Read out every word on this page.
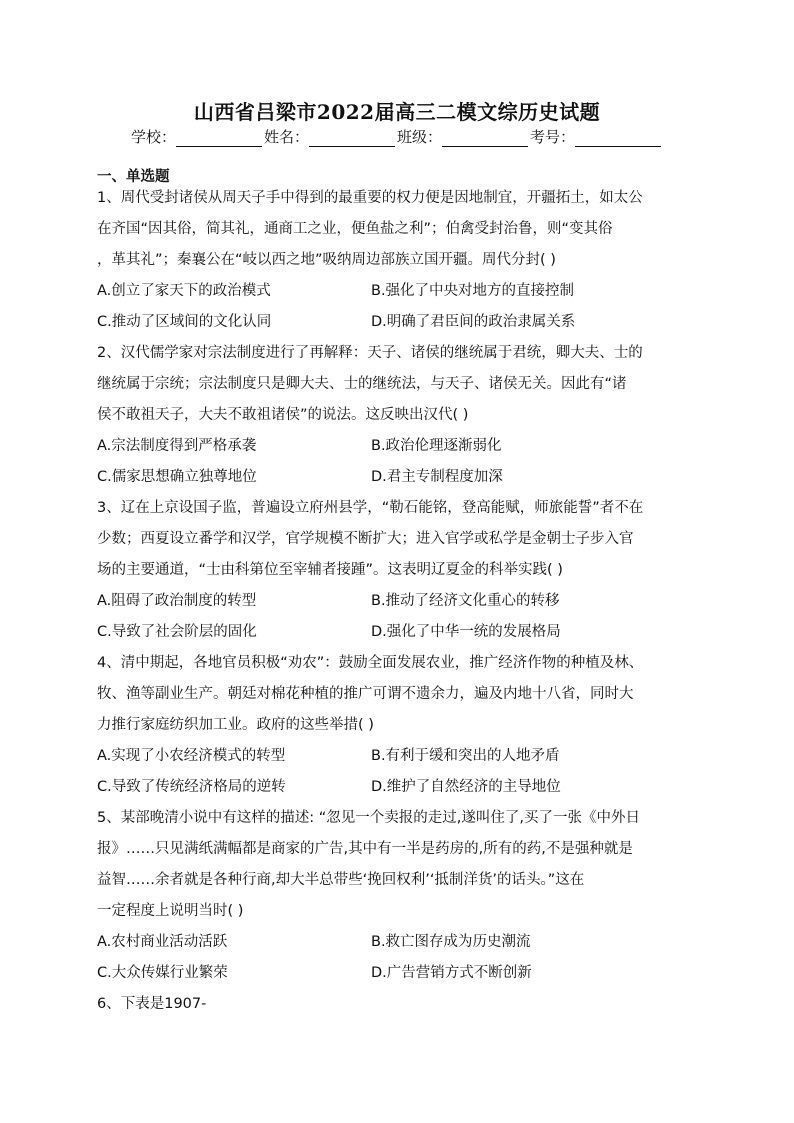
山西省吕梁市2022届高三二模文综历史试题
学校：	姓名：	班级：	考号：
一、单选题
1、周代受封诸侯从周天子手中得到的最重要的权力便是因地制宜，开疆拓土，如太公
在齐国“因其俗，简其礼，通商工之业，便鱼盐之利”；伯禽受封治鲁，则“变其俗
，革其礼”；秦襄公在“岐以西之地”吸纳周边部族立国开疆。周代分封( )
A.创立了家天下的政治模式	B.强化了中央对地方的直接控制
C.推动了区域间的文化认同	D.明确了君臣间的政治隶属关系
2、汉代儒学家对宗法制度进行了再解释：天子、诸侯的继统属于君统，卿大夫、士的
继统属于宗统；宗法制度只是卿大夫、士的继统法，与天子、诸侯无关。因此有“诸
侯不敢祖天子，大夫不敢祖诸侯”的说法。这反映出汉代( )
A.宗法制度得到严格承袭	B.政治伦理逐渐弱化
C.儒家思想确立独尊地位	D.君主专制程度加深
3、辽在上京设国子监，普遍设立府州县学，“勒石能铭，登高能赋，师旅能誓”者不在
少数；西夏设立番学和汉学，官学规模不断扩大；进入官学或私学是金朝士子步入官
场的主要通道，“士由科第位至宰辅者接踵”。这表明辽夏金的科举实践( )
A.阻碍了政治制度的转型	B.推动了经济文化重心的转移
C.导致了社会阶层的固化	D.强化了中华一统的发展格局
4、清中期起，各地官员积极“劝农”：鼓励全面发展农业，推广经济作物的种植及林、
牧、渔等副业生产。朝廷对棉花种植的推广可谓不遗余力，遍及内地十八省，同时大
力推行家庭纺织加工业。政府的这些举措( )
A.实现了小农经济模式的转型	B.有利于缓和突出的人地矛盾
C.导致了传统经济格局的逆转	D.维护了自然经济的主导地位
5、某部晚清小说中有这样的描述: “忽见一个卖报的走过,遂叫住了,买了一张《中外日
报》……只见满纸满幅都是商家的广告,其中有一半是药房的,所有的药,不是强种就是
益智……余者就是各种行商,却大半总带些‘挽回权利’‘抵制洋货’的话头。”这在
一定程度上说明当时( )
A.农村商业活动活跃	B.救亡图存成为历史潮流
C.大众传媒行业繁荣	D.广告营销方式不断创新
6、下表是1907-
